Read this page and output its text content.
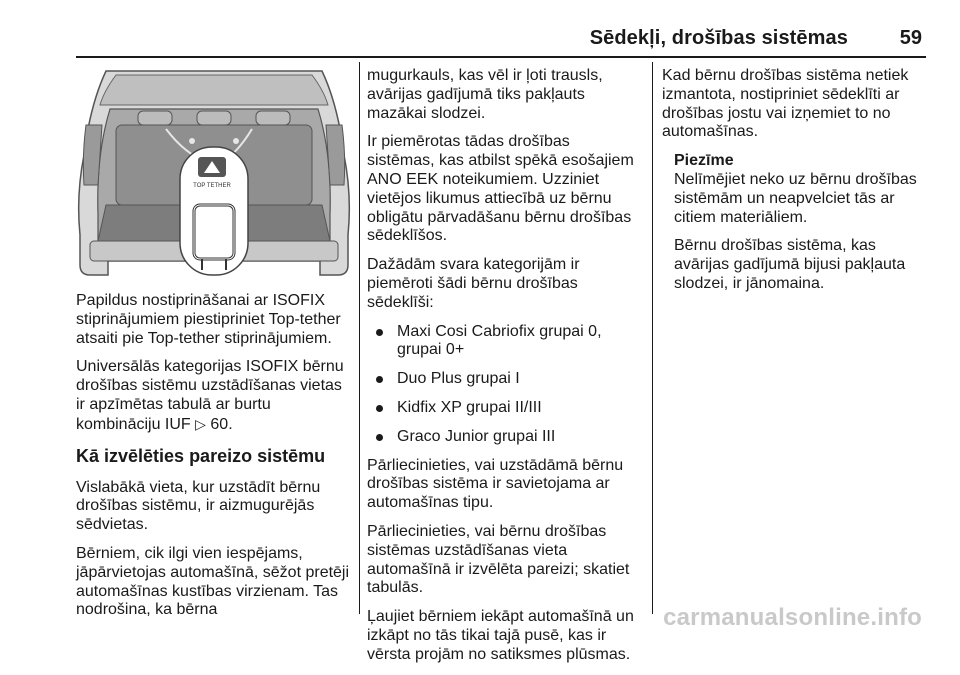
Sēdekļi, drošības sistēmas	59
TOP TETHER

Papildus nostiprināšanai ar ISOFIX stiprinājumiem piestipriniet Top-tether atsaiti pie Top-tether stiprinājumiem.

Universālās kategorijas ISOFIX bērnu drošības sistēmu uzstādīšanas vietas ir apzīmētas tabulā ar burtu kombināciju IUF ▷ 60.

Kā izvēlēties pareizo sistēmu

Vislabākā vieta, kur uzstādīt bērnu drošības sistēmu, ir aizmugurējās sēdvietas.

Bērniem, cik ilgi vien iespējams, jāpārvietojas automašīnā, sēžot pretēji automašīnas kustības virzienam. Tas nodrošina, ka bērna

mugurkauls, kas vēl ir ļoti trausls, avārijas gadījumā tiks pakļauts mazākai slodzei.

Ir piemērotas tādas drošības sistēmas, kas atbilst spēkā esošajiem ANO EEK noteikumiem. Uzziniet vietējos likumus attiecībā uz bērnu obligātu pārvadāšanu bērnu drošības sēdeklīšos.

Dažādām svara kategorijām ir piemēroti šādi bērnu drošības sēdeklīši:

Maxi Cosi Cabriofix grupai 0, grupai 0+
Duo Plus grupai I
Kidfix XP grupai II/III
Graco Junior grupai III

Pārliecinieties, vai uzstādāmā bērnu drošības sistēma ir savietojama ar automašīnas tipu.

Pārliecinieties, vai bērnu drošības sistēmas uzstādīšanas vieta automašīnā ir izvēlēta pareizi; skatiet tabulās.

Ļaujiet bērniem iekāpt automašīnā un izkāpt no tās tikai tajā pusē, kas ir vērsta projām no satiksmes plūsmas.

Kad bērnu drošības sistēma netiek izmantota, nostipriniet sēdeklīti ar drošības jostu vai izņemiet to no automašīnas.

Piezīme

Nelīmējiet neko uz bērnu drošības sistēmām un neapvelciet tās ar citiem materiāliem.

Bērnu drošības sistēma, kas avārijas gadījumā bijusi pakļauta slodzei, ir jānomaina.

carmanualsonline.info
